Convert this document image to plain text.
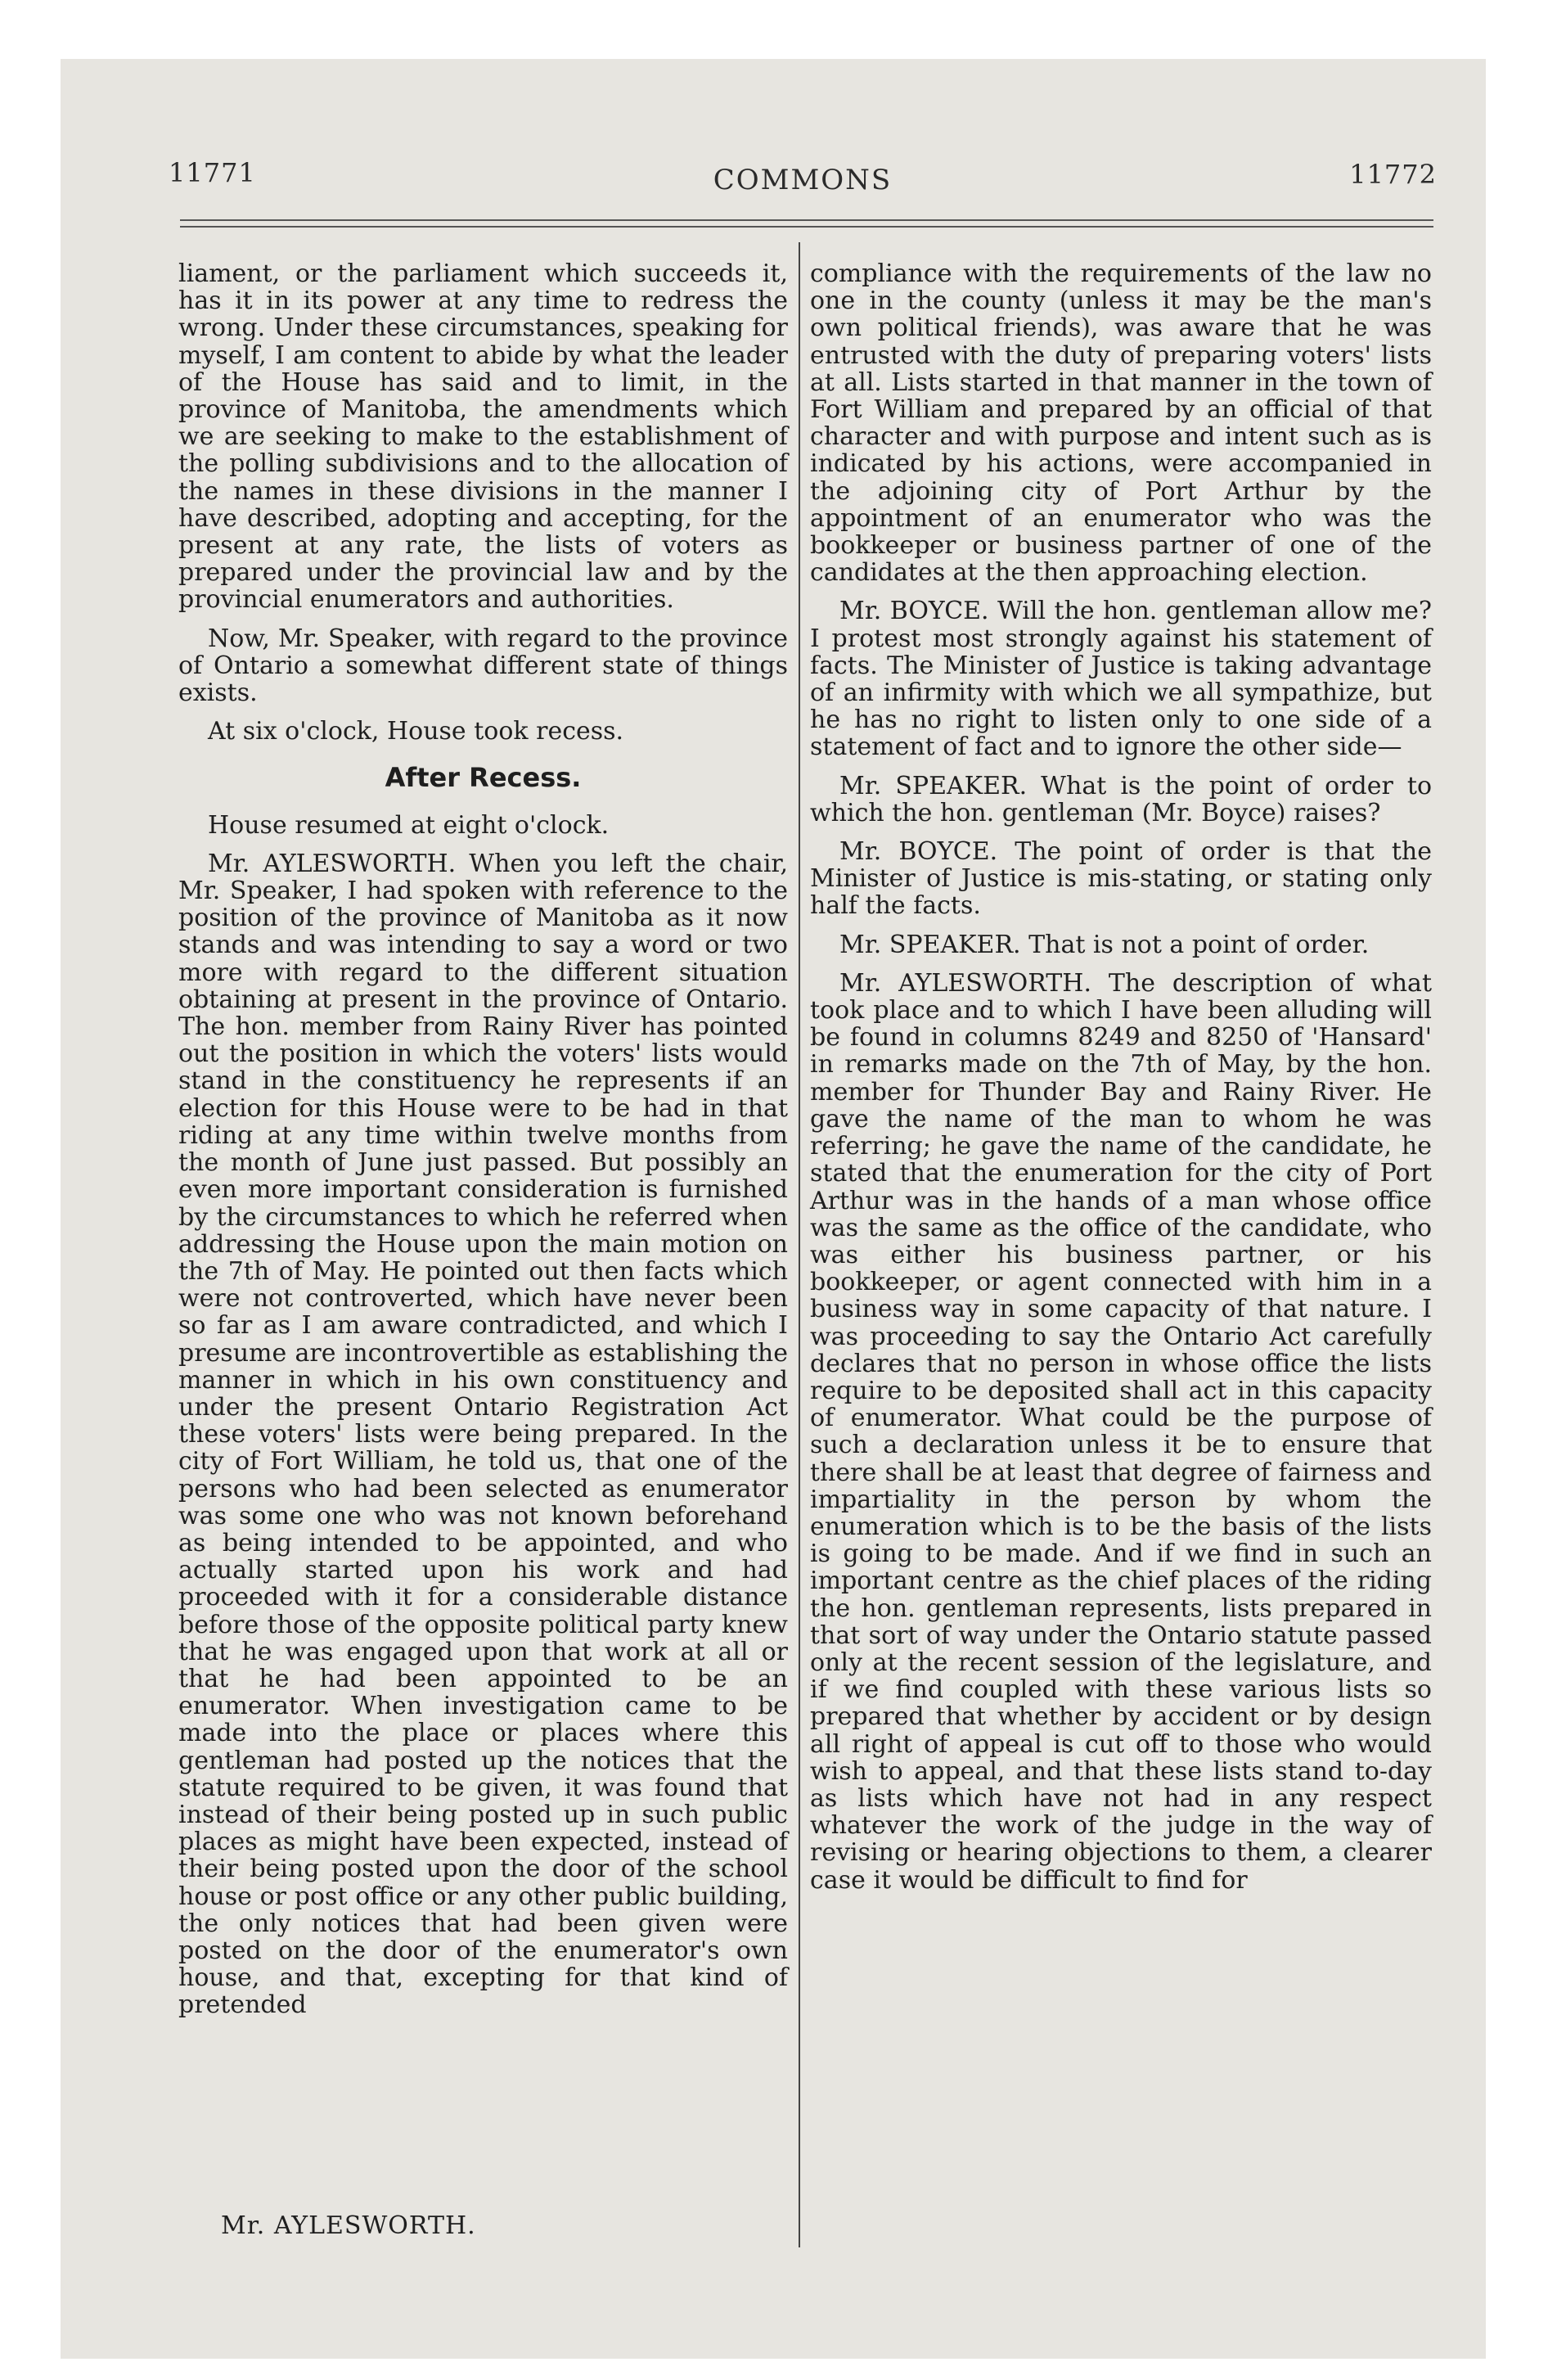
11771	COMMONS	11772

liament, or the parliament which succeeds it, has it in its power at any time to redress the wrong. Under these circumstances, speaking for myself, I am content to abide by what the leader of the House has said and to limit, in the province of Manitoba, the amendments which we are seeking to make to the establishment of the polling subdivisions and to the allocation of the names in these divisions in the manner I have described, adopting and accepting, for the present at any rate, the lists of voters as prepared under the provincial law and by the provincial enumerators and authorities.

Now, Mr. Speaker, with regard to the province of Ontario a somewhat different state of things exists.

At six o'clock, House took recess.

After Recess.

House resumed at eight o'clock.

Mr. AYLESWORTH. When you left the chair, Mr. Speaker, I had spoken with reference to the position of the province of Manitoba as it now stands and was intending to say a word or two more with regard to the different situation obtaining at present in the province of Ontario. The hon. member from Rainy River has pointed out the position in which the voters' lists would stand in the constituency he represents if an election for this House were to be had in that riding at any time within twelve months from the month of June just passed. But possibly an even more important consideration is furnished by the circumstances to which he referred when addressing the House upon the main motion on the 7th of May. He pointed out then facts which were not controverted, which have never been so far as I am aware contradicted, and which I presume are incontrovertible as establishing the manner in which in his own constituency and under the present Ontario Registration Act these voters' lists were being prepared. In the city of Fort William, he told us, that one of the persons who had been selected as enumerator was some one who was not known beforehand as being intended to be appointed, and who actually started upon his work and had proceeded with it for a considerable distance before those of the opposite political party knew that he was engaged upon that work at all or that he had been appointed to be an enumerator. When investigation came to be made into the place or places where this gentleman had posted up the notices that the statute required to be given, it was found that instead of their being posted up in such public places as might have been expected, instead of their being posted upon the door of the school house or post office or any other public building, the only notices that had been given were posted on the door of the enumerator's own house, and that, excepting for that kind of pretended

compliance with the requirements of the law no one in the county (unless it may be the man's own political friends), was aware that he was entrusted with the duty of preparing voters' lists at all. Lists started in that manner in the town of Fort William and prepared by an official of that character and with purpose and intent such as is indicated by his actions, were accompanied in the adjoining city of Port Arthur by the appointment of an enumerator who was the bookkeeper or business partner of one of the candidates at the then approaching election.

Mr. BOYCE. Will the hon. gentleman allow me? I protest most strongly against his statement of facts. The Minister of Justice is taking advantage of an infirmity with which we all sympathize, but he has no right to listen only to one side of a statement of fact and to ignore the other side—

Mr. SPEAKER. What is the point of order to which the hon. gentleman (Mr. Boyce) raises?

Mr. BOYCE. The point of order is that the Minister of Justice is mis-stating, or stating only half the facts.

Mr. SPEAKER. That is not a point of order.

Mr. AYLESWORTH. The description of what took place and to which I have been alluding will be found in columns 8249 and 8250 of 'Hansard' in remarks made on the 7th of May, by the hon. member for Thunder Bay and Rainy River. He gave the name of the man to whom he was referring; he gave the name of the candidate, he stated that the enumeration for the city of Port Arthur was in the hands of a man whose office was the same as the office of the candidate, who was either his business partner, or his bookkeeper, or agent connected with him in a business way in some capacity of that nature. I was proceeding to say the Ontario Act carefully declares that no person in whose office the lists require to be deposited shall act in this capacity of enumerator. What could be the purpose of such a declaration unless it be to ensure that there shall be at least that degree of fairness and impartiality in the person by whom the enumeration which is to be the basis of the lists is going to be made. And if we find in such an important centre as the chief places of the riding the hon. gentleman represents, lists prepared in that sort of way under the Ontario statute passed only at the recent session of the legislature, and if we find coupled with these various lists so prepared that whether by accident or by design all right of appeal is cut off to those who would wish to appeal, and that these lists stand to-day as lists which have not had in any respect whatever the work of the judge in the way of revising or hearing objections to them, a clearer case it would be difficult to find for

Mr. AYLESWORTH.
